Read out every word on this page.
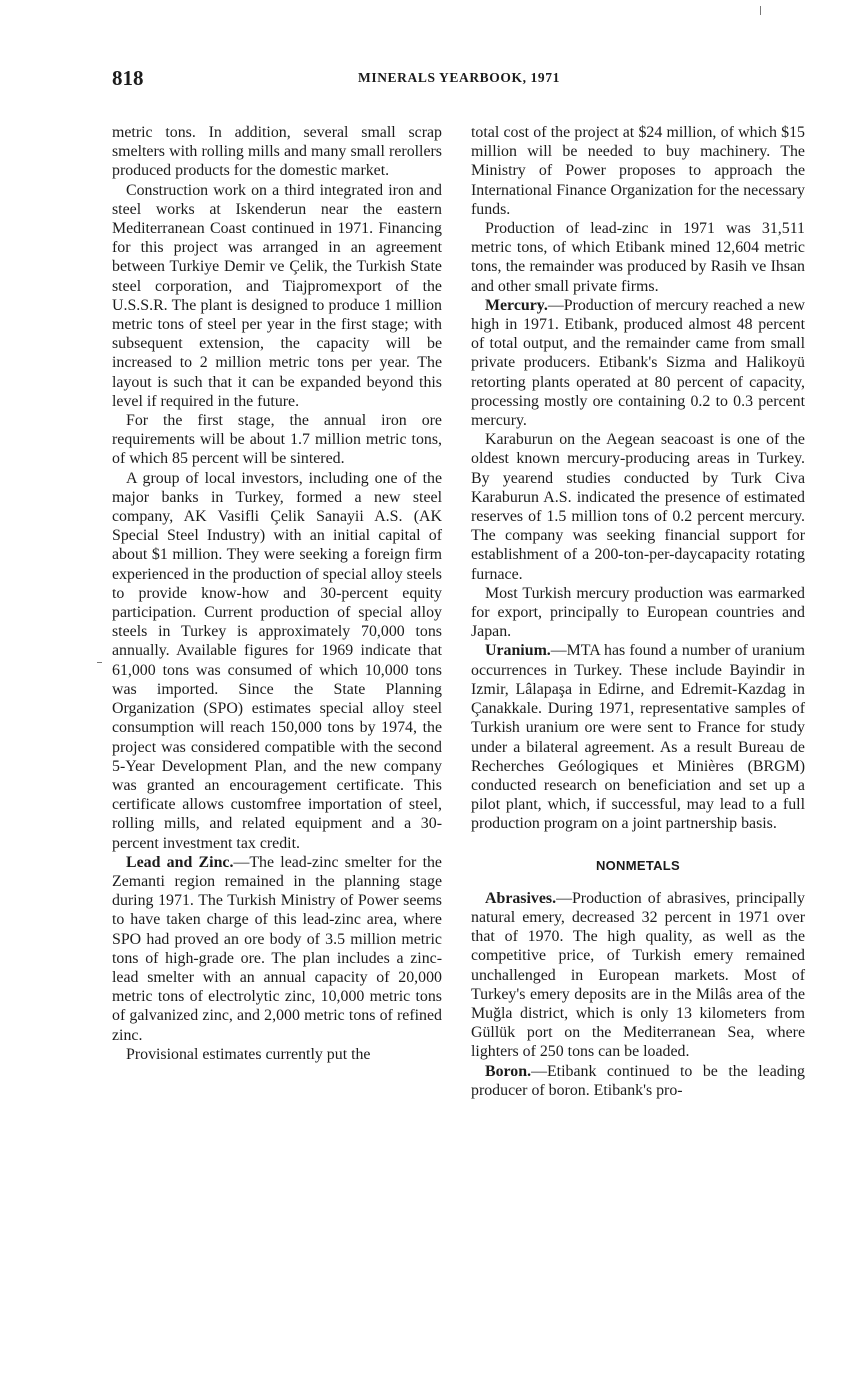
818	MINERALS YEARBOOK, 1971

metric tons. In addition, several small scrap smelters with rolling mills and many small rerollers produced products for the domestic market.

Construction work on a third integrated iron and steel works at Iskenderun near the eastern Mediterranean Coast continued in 1971. Financing for this project was arranged in an agreement between Turkiye Demir ve Çelik, the Turkish State steel corporation, and Tiajpromexport of the U.S.S.R. The plant is designed to produce 1 million metric tons of steel per year in the first stage; with subsequent extension, the capacity will be increased to 2 million metric tons per year. The layout is such that it can be expanded beyond this level if required in the future.

For the first stage, the annual iron ore requirements will be about 1.7 million metric tons, of which 85 percent will be sintered.

A group of local investors, including one of the major banks in Turkey, formed a new steel company, AK Vasifli Çelik Sanayii A.S. (AK Special Steel Industry) with an initial capital of about $1 million. They were seeking a foreign firm experienced in the production of special alloy steels to provide know-how and 30-percent equity participation. Current production of special alloy steels in Turkey is approximately 70,000 tons annually. Available figures for 1969 indicate that 61,000 tons was consumed of which 10,000 tons was imported. Since the State Planning Organization (SPO) estimates special alloy steel consumption will reach 150,000 tons by 1974, the project was considered compatible with the second 5-Year Development Plan, and the new company was granted an encouragement certificate. This certificate allows customfree importation of steel, rolling mills, and related equipment and a 30-percent investment tax credit.

Lead and Zinc.—The lead-zinc smelter for the Zemanti region remained in the planning stage during 1971. The Turkish Ministry of Power seems to have taken charge of this lead-zinc area, where SPO had proved an ore body of 3.5 million metric tons of high-grade ore. The plan includes a zinc-lead smelter with an annual capacity of 20,000 metric tons of electrolytic zinc, 10,000 metric tons of galvanized zinc, and 2,000 metric tons of refined zinc.

Provisional estimates currently put the

total cost of the project at $24 million, of which $15 million will be needed to buy machinery. The Ministry of Power proposes to approach the International Finance Organization for the necessary funds.

Production of lead-zinc in 1971 was 31,511 metric tons, of which Etibank mined 12,604 metric tons, the remainder was produced by Rasih ve Ihsan and other small private firms.

Mercury.—Production of mercury reached a new high in 1971. Etibank, produced almost 48 percent of total output, and the remainder came from small private producers. Etibank's Sizma and Halikoyü retorting plants operated at 80 percent of capacity, processing mostly ore containing 0.2 to 0.3 percent mercury.

Karaburun on the Aegean seacoast is one of the oldest known mercury-producing areas in Turkey. By yearend studies conducted by Turk Civa Karaburun A.S. indicated the presence of estimated reserves of 1.5 million tons of 0.2 percent mercury. The company was seeking financial support for establishment of a 200-ton-per-daycapacity rotating furnace.

Most Turkish mercury production was earmarked for export, principally to European countries and Japan.

Uranium.—MTA has found a number of uranium occurrences in Turkey. These include Bayindir in Izmir, Lâlapaşa in Edirne, and Edremit-Kazdag in Çanakkale. During 1971, representative samples of Turkish uranium ore were sent to France for study under a bilateral agreement. As a result Bureau de Recherches Geólogiques et Minières (BRGM) conducted research on beneficiation and set up a pilot plant, which, if successful, may lead to a full production program on a joint partnership basis.

NONMETALS

Abrasives.—Production of abrasives, principally natural emery, decreased 32 percent in 1971 over that of 1970. The high quality, as well as the competitive price, of Turkish emery remained unchallenged in European markets. Most of Turkey's emery deposits are in the Milâs area of the Muğla district, which is only 13 kilometers from Güllük port on the Mediterranean Sea, where lighters of 250 tons can be loaded.

Boron.—Etibank continued to be the leading producer of boron. Etibank's pro-
